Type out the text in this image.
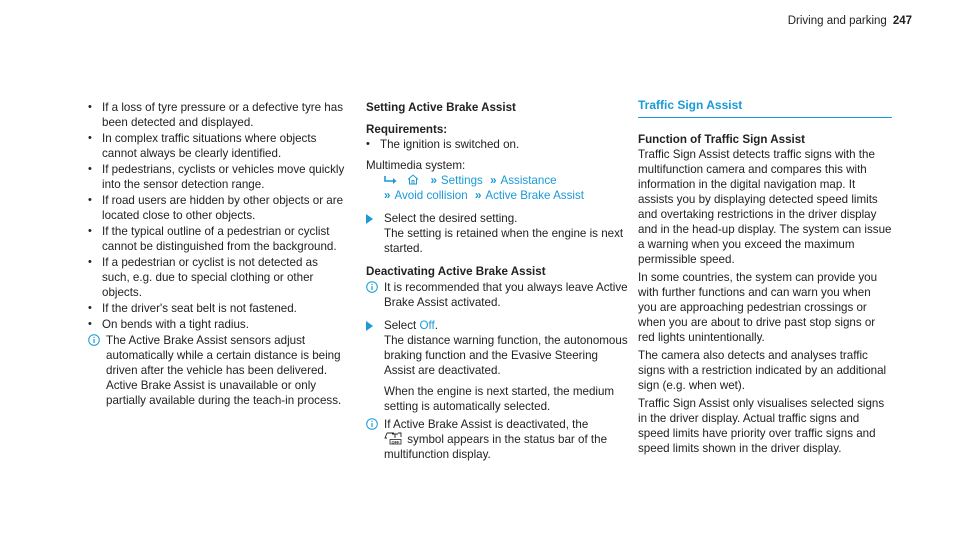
Driving and parking 247
• If a loss of tyre pressure or a defective tyre has been detected and displayed.
• In complex traffic situations where objects cannot always be clearly identified.
• If pedestrians, cyclists or vehicles move quickly into the sensor detection range.
• If road users are hidden by other objects or are located close to other objects.
• If the typical outline of a pedestrian or cyclist cannot be distinguished from the background.
• If a pedestrian or cyclist is not detected as such, e.g. due to special clothing or other objects.
• If the driver's seat belt is not fastened.
• On bends with a tight radius.
The Active Brake Assist sensors adjust automatically while a certain distance is being driven after the vehicle has been delivered. Active Brake Assist is unavailable or only partially available during the teach-in process.

Setting Active Brake Assist

Requirements:

• The ignition is switched on.

Multimedia system:

» Settings » Assistance
» Avoid collision » Active Brake Assist

Select the desired setting.

The setting is retained when the engine is next started.

Deactivating Active Brake Assist

It is recommended that you always leave Active Brake Assist activated.

Select Off.

The distance warning function, the autonomous braking function and the Evasive Steering Assist are deactivated.

When the engine is next started, the medium setting is automatically selected.

If Active Brake Assist is deactivated, the

OFF symbol appears in the status bar of the multifunction display.

Traffic Sign Assist

Function of Traffic Sign Assist

Traffic Sign Assist detects traffic signs with the multifunction camera and compares this with information in the digital navigation map. It assists you by displaying detected speed limits and overtaking restrictions in the driver display and in the head-up display. The system can issue a warning when you exceed the maximum permissible speed.

In some countries, the system can provide you with further functions and can warn you when you are approaching pedestrian crossings or when you are about to drive past stop signs or red lights unintentionally.

The camera also detects and analyses traffic signs with a restriction indicated by an additional sign (e.g. when wet).

Traffic Sign Assist only visualises selected signs in the driver display. Actual traffic signs and speed limits have priority over traffic signs and speed limits shown in the driver display.
